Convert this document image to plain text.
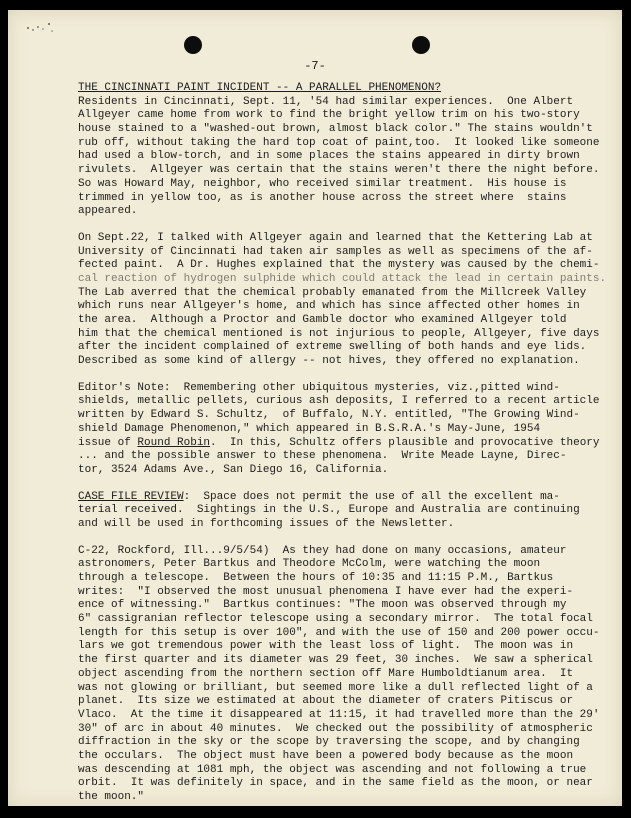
-7-
THE CINCINNATI PAINT INCIDENT -- A PARALLEL PHENOMENON?
Residents in Cincinnati, Sept. 11, '54 had similar experiences.  One Albert
Allgeyer came home from work to find the bright yellow trim on his two-story
house stained to a "washed-out brown, almost black color." The stains wouldn't
rub off, without taking the hard top coat of paint,too.  It looked like someone
had used a blow-torch, and in some places the stains appeared in dirty brown
rivulets.  Allgeyer was certain that the stains weren't there the night before.
So was Howard May, neighbor, who received similar treatment.  His house is
trimmed in yellow too, as is another house across the street where  stains
appeared.
On Sept.22, I talked with Allgeyer again and learned that the Kettering Lab at
University of Cincinnati had taken air samples as well as specimens of the af-
fected paint.  A Dr. Hughes explained that the mystery was caused by the chemi-
cal reaction of hydrogen sulphide which could attack the lead in certain paints.
The Lab averred that the chemical probably emanated from the Millcreek Valley
which runs near Allgeyer's home, and which has since affected other homes in
the area.  Although a Proctor and Gamble doctor who examined Allgeyer told
him that the chemical mentioned is not injurious to people, Allgeyer, five days
after the incident complained of extreme swelling of both hands and eye lids.
Described as some kind of allergy -- not hives, they offered no explanation.
Editor's Note:  Remembering other ubiquitous mysteries, viz.,pitted wind-
shields, metallic pellets, curious ash deposits, I referred to a recent article
written by Edward S. Schultz,  of Buffalo, N.Y. entitled, "The Growing Wind-
shield Damage Phenomenon," which appeared in B.S.R.A.'s May-June, 1954
issue of Round Robin.  In this, Schultz offers plausible and provocative theory
... and the possible answer to these phenomena.  Write Meade Layne, Direc-
tor, 3524 Adams Ave., San Diego 16, California.
CASE FILE REVIEW:  Space does not permit the use of all the excellent ma-
terial received.  Sightings in the U.S., Europe and Australia are continuing
and will be used in forthcoming issues of the Newsletter.
C-22, Rockford, Ill...9/5/54)  As they had done on many occasions, amateur
astronomers, Peter Bartkus and Theodore McColm, were watching the moon
through a telescope.  Between the hours of 10:35 and 11:15 P.M., Bartkus
writes:  "I observed the most unusual phenomena I have ever had the experi-
ence of witnessing."  Bartkus continues: "The moon was observed through my
6" cassigranian reflector telescope using a secondary mirror.  The total focal
length for this setup is over 100", and with the use of 150 and 200 power occu-
lars we got tremendous power with the least loss of light.  The moon was in
the first quarter and its diameter was 29 feet, 30 inches.  We saw a spherical
object ascending from the northern section off Mare Humboldtianum area.  It
was not glowing or brilliant, but seemed more like a dull reflected light of a
planet.  Its size we estimated at about the diameter of craters Pitiscus or
Vlaco.  At the time it disappeared at 11:15, it had travelled more than the 29'
30" of arc in about 40 minutes.  We checked out the possibility of atmospheric
diffraction in the sky or the scope by traversing the scope, and by changing
the occulars.  The object must have been a powered body because as the moon
was descending at 1081 mph, the object was ascending and not following a true
orbit.  It was definitely in space, and in the same field as the moon, or near
the moon."
